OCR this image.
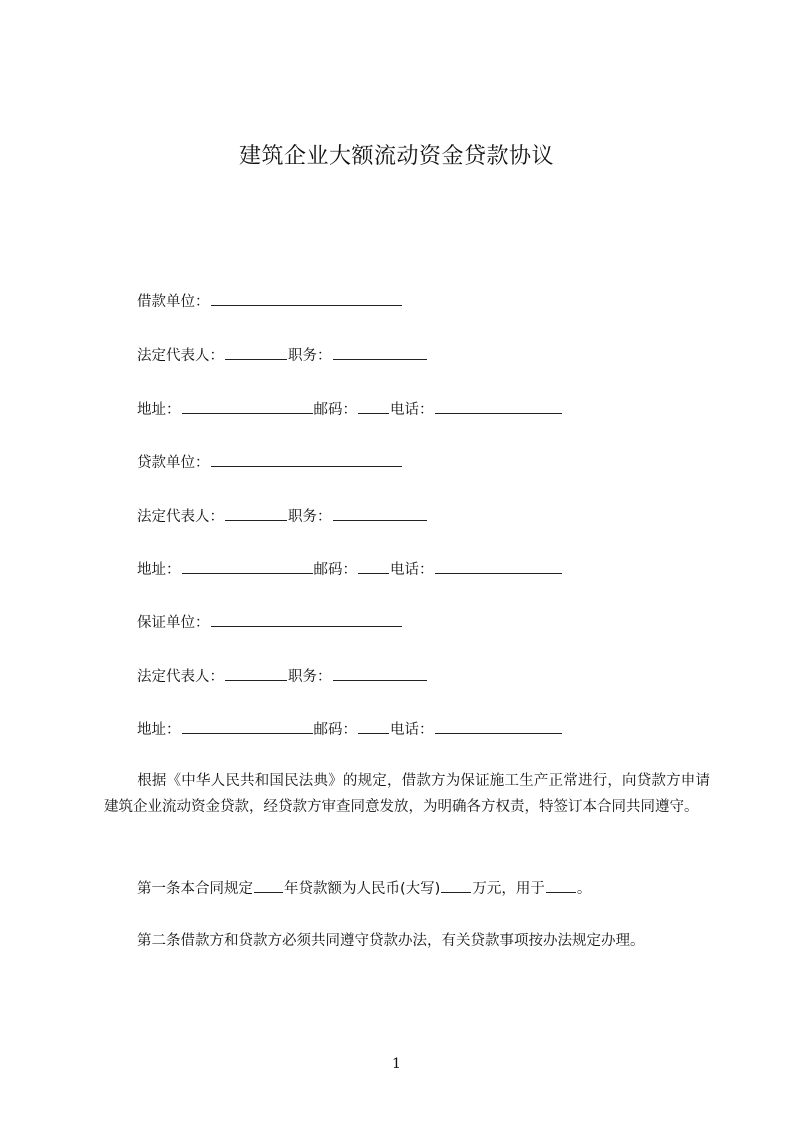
建筑企业大额流动资金贷款协议
借款单位：
法定代表人：	职务：
地址：	邮码： 电话：
贷款单位：
法定代表人：	职务：
地址：	邮码： 电话：
保证单位：
法定代表人：	职务：
地址：	邮码： 电话：
根据《中华人民共和国民法典》的规定，借款方为保证施工生产正常进行，向贷款方申请建筑企业流动资金贷款，经贷款方审查同意发放，为明确各方权责，特签订本合同共同遵守。
第一条本合同规定 年贷款额为人民币(大写) 万元，用于 。
第二条借款方和贷款方必须共同遵守贷款办法，有关贷款事项按办法规定办理。
1
